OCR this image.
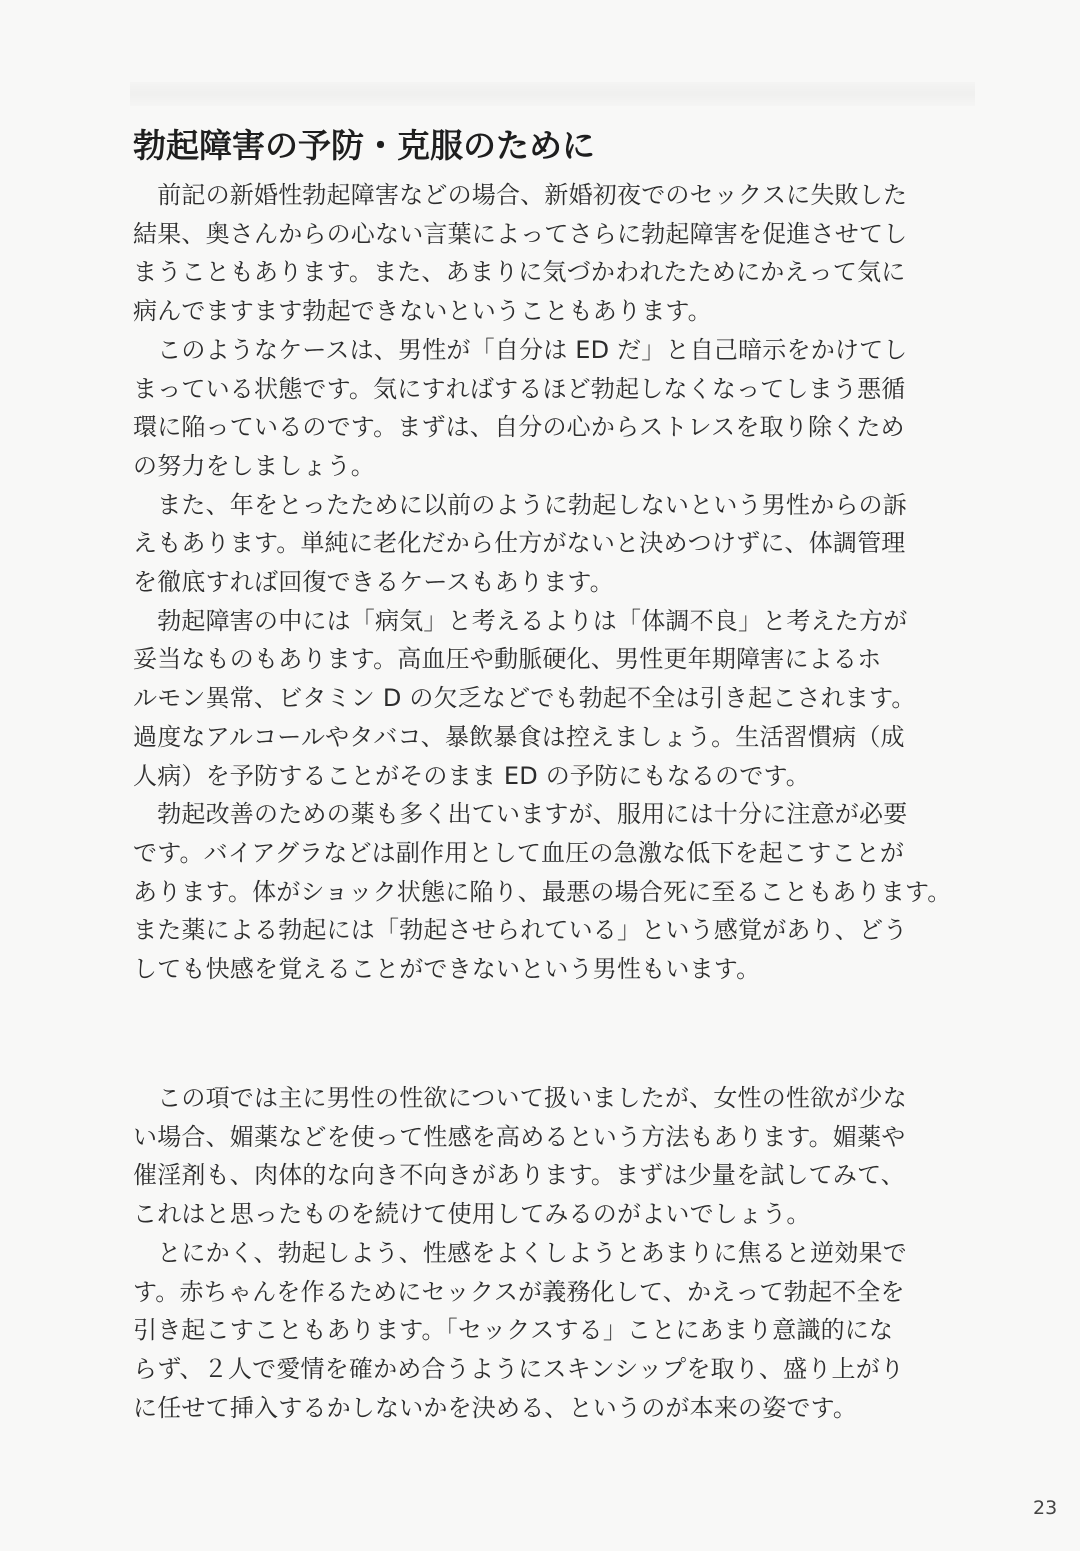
勃起障害の予防・克服のために

　前記の新婚性勃起障害などの場合、新婚初夜でのセックスに失敗した
結果、奥さんからの心ない言葉によってさらに勃起障害を促進させてし
まうこともあります。また、あまりに気づかわれたためにかえって気に
病んでますます勃起できないということもあります。

　このようなケースは、男性が「自分は ED だ」と自己暗示をかけてし
まっている状態です。気にすればするほど勃起しなくなってしまう悪循
環に陥っているのです。まずは、自分の心からストレスを取り除くため
の努力をしましょう。

　また、年をとったために以前のように勃起しないという男性からの訴
えもあります。単純に老化だから仕方がないと決めつけずに、体調管理
を徹底すれば回復できるケースもあります。

　勃起障害の中には「病気」と考えるよりは「体調不良」と考えた方が
妥当なものもあります。高血圧や動脈硬化、男性更年期障害によるホ
ルモン異常、ビタミン D の欠乏などでも勃起不全は引き起こされます。
過度なアルコールやタバコ、暴飲暴食は控えましょう。生活習慣病（成
人病）を予防することがそのまま ED の予防にもなるのです。

　勃起改善のための薬も多く出ていますが、服用には十分に注意が必要
です。バイアグラなどは副作用として血圧の急激な低下を起こすことが
あります。体がショック状態に陥り、最悪の場合死に至ることもあります。
また薬による勃起には「勃起させられている」という感覚があり、どう
しても快感を覚えることができないという男性もいます。

　この項では主に男性の性欲について扱いましたが、女性の性欲が少な
い場合、媚薬などを使って性感を高めるという方法もあります。媚薬や
催淫剤も、肉体的な向き不向きがあります。まずは少量を試してみて、
これはと思ったものを続けて使用してみるのがよいでしょう。

　とにかく、勃起しよう、性感をよくしようとあまりに焦ると逆効果で
す。赤ちゃんを作るためにセックスが義務化して、かえって勃起不全を
引き起こすこともあります。「セックスする」ことにあまり意識的にな
らず、２人で愛情を確かめ合うようにスキンシップを取り、盛り上がり
に任せて挿入するかしないかを決める、というのが本来の姿です。

23
